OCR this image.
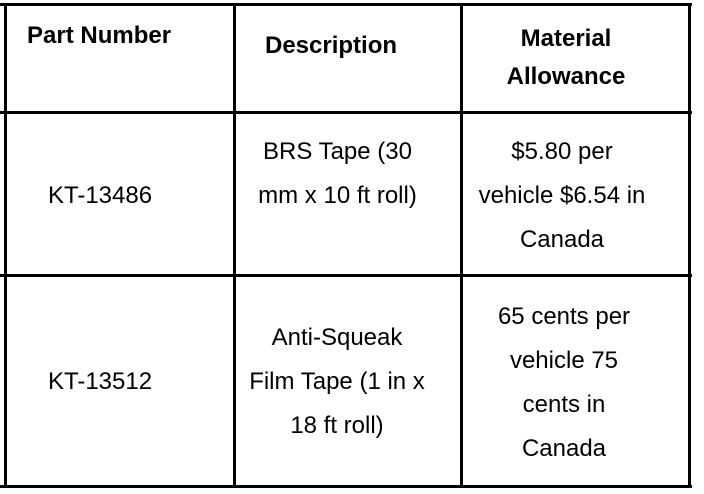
Part Number	Description	Material Allowance
KT-13486
BRS Tape (30 mm x 10 ft roll)
$5.80 per vehicle $6.54 in Canada
KT-13512
Anti-Squeak Film Tape (1 in x 18 ft roll)
65 cents per vehicle 75 cents in Canada
